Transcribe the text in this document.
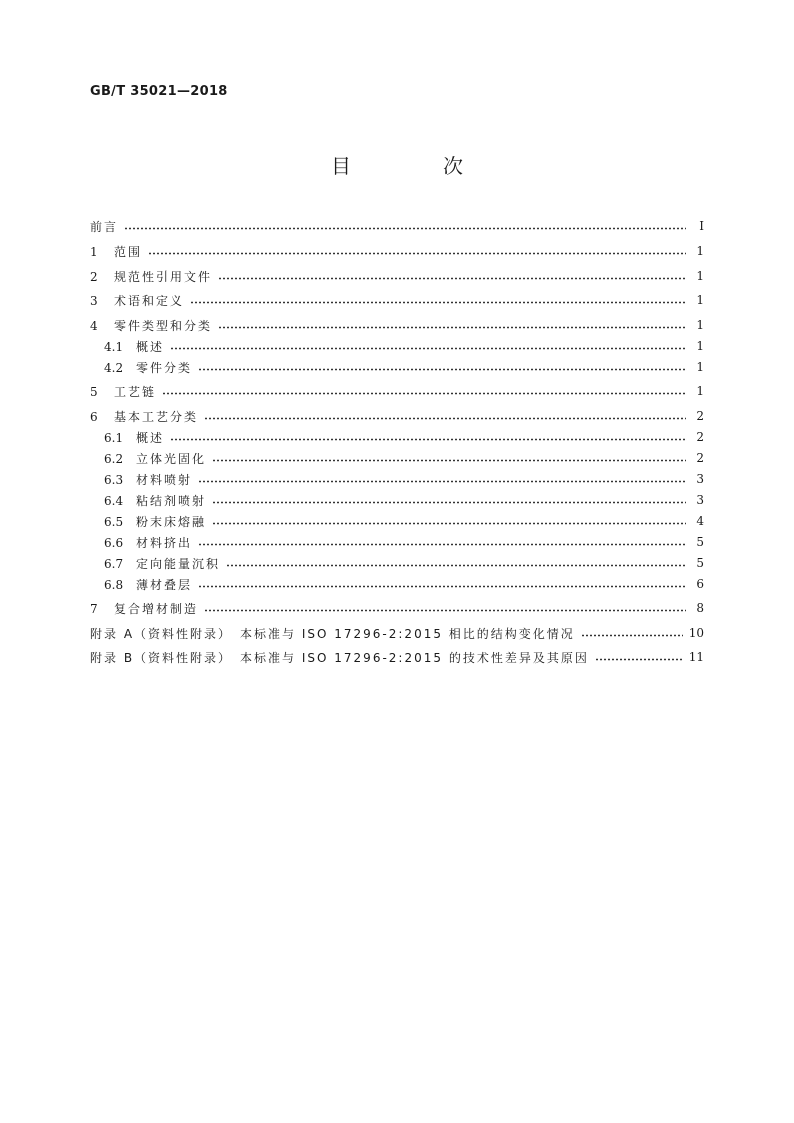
GB/T 35021—2018
目　次
前言	Ⅰ
1 范围	1
2 规范性引用文件	1
3 术语和定义	1
4 零件类型和分类	1
4.1 概述	1
4.2 零件分类	1
5 工艺链	1
6 基本工艺分类	2
6.1 概述	2
6.2 立体光固化	2
6.3 材料喷射	3
6.4 粘结剂喷射	3
6.5 粉末床熔融	4
6.6 材料挤出	5
6.7 定向能量沉积	5
6.8 薄材叠层	6
7 复合增材制造	8
附录 A（资料性附录）　本标准与 ISO 17296-2:2015 相比的结构变化情况	10
附录 B（资料性附录）　本标准与 ISO 17296-2:2015 的技术性差异及其原因	11
